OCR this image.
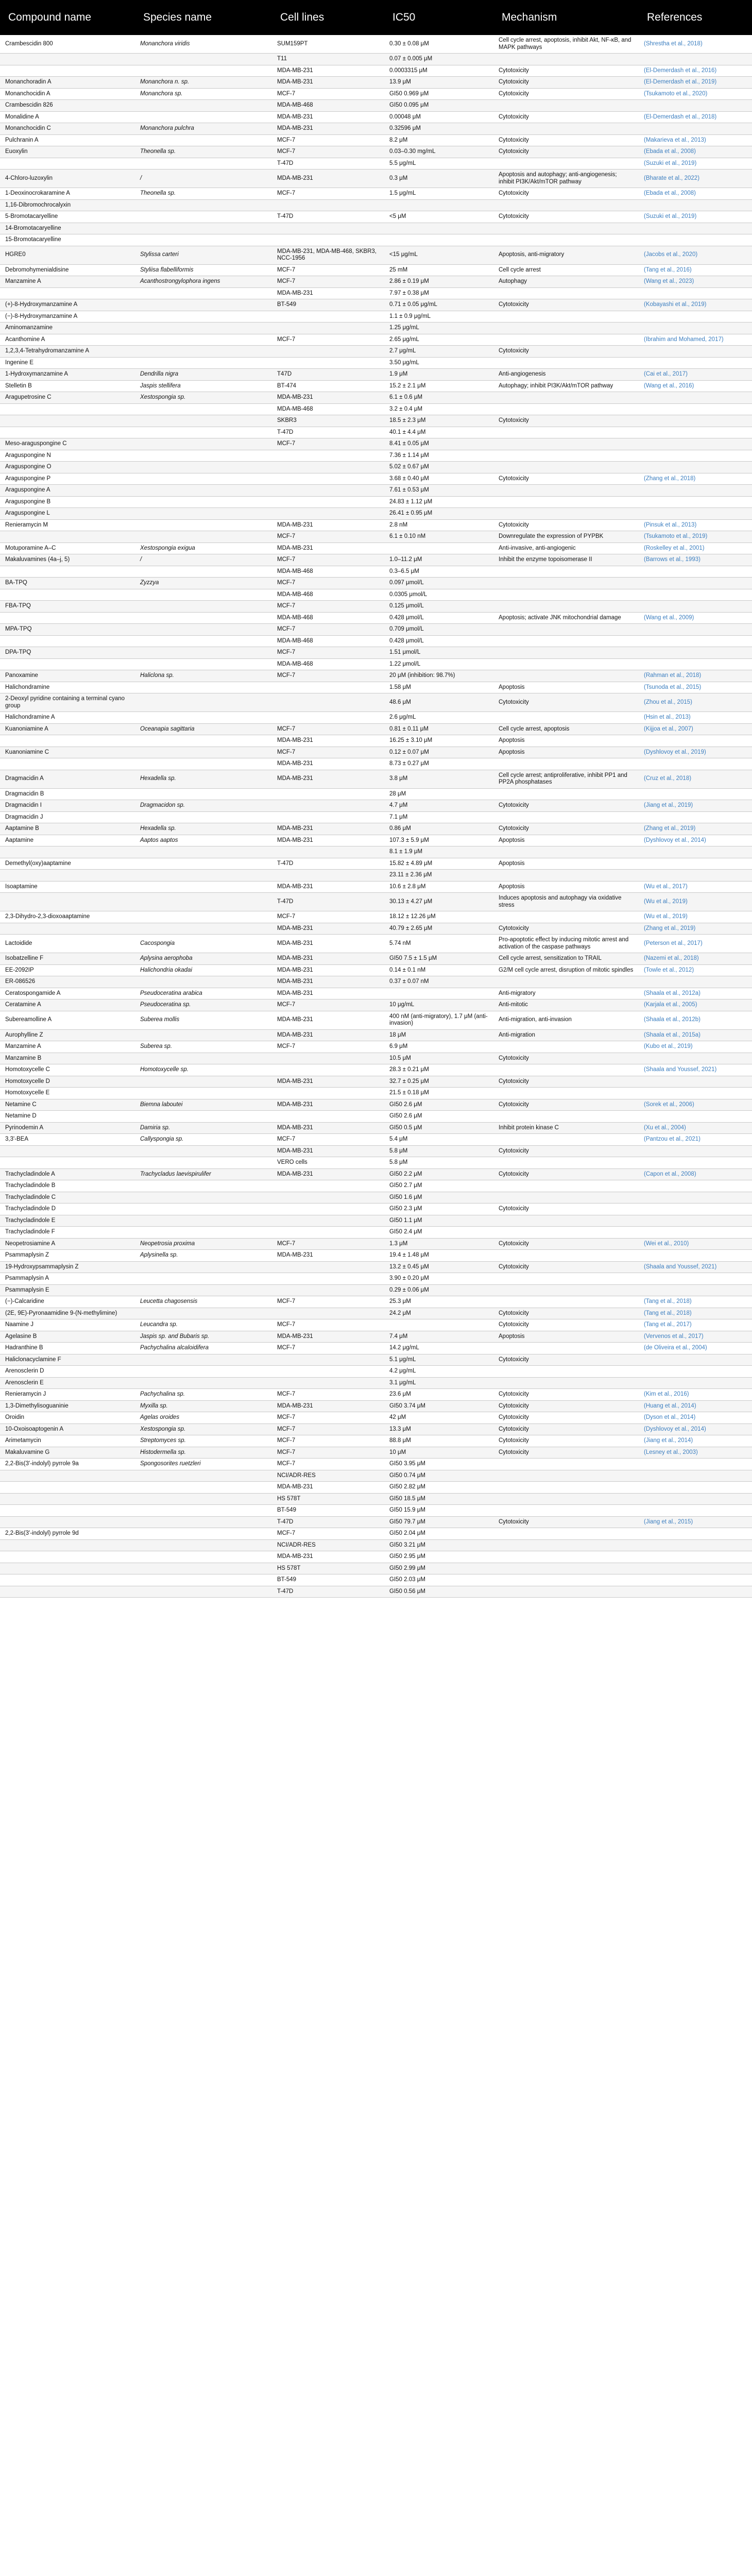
Compound name	Species name	Cell lines	IC50	Mechanism	References
Crambescidin 800	Monanchora viridis	SUM159PT	0.30 ± 0.08 μM	Cell cycle arrest, apoptosis, inhibit Akt, NF-κB, and MAPK pathways	(Shrestha et al., 2018)
		T11	0.07 ± 0.005 μM		
		MDA-MB-231	0.0003315 μM	Cytotoxicity	(El-Demerdash et al., 2016)
Monanchoradin A	Monanchora n. sp.	MDA-MB-231	13.9 μM	Cytotoxicity	(El-Demerdash et al., 2019)
Monanchocidin A	Monanchora sp.	MCF-7	GI50 0.969 μM	Cytotoxicity	(Tsukamoto et al., 2020)
Crambescidin 826		MDA-MB-468	GI50 0.095 μM		
Monalidine A		MDA-MB-231	0.00048 μM	Cytotoxicity	(El-Demerdash et al., 2018)
Monanchocidin C	Monanchora pulchra	MDA-MB-231	0.32596 μM		
Pulchranin A		MCF-7	8.2 μM	Cytotoxicity	(Makarieva et al., 2013)
Euoxylin	Theonella sp.	MCF-7	0.03–0.30 mg/mL	Cytotoxicity	(Ebada et al., 2008)
		T-47D	5.5 μg/mL		(Suzuki et al., 2019)
4-Chloro-luzoxylin	/	MDA-MB-231	0.3 μM	Apoptosis and autophagy; anti-angiogenesis; inhibit PI3K/Akt/mTOR pathway	(Bharate et al., 2022)
1-Deoxinocrokaramine A	Theonella sp.	MCF-7	1.5 μg/mL	Cytotoxicity	(Ebada et al., 2008)
1,16-Dibromochrocalyxin					
5-Bromotacaryelline		T-47D	<5 μM	Cytotoxicity	(Suzuki et al., 2019)
14-Bromotacaryelline					
15-Bromotacaryelline					
HGRE0	Stylissa carteri	MDA-MB-231, MDA-MB-468, SKBR3, NCC-1956	<15 μg/mL	Apoptosis, anti-migratory	(Jacobs et al., 2020)
Debromohymenialdisine	Styliisa flabelliformis	MCF-7	25 mM	Cell cycle arrest	(Tang et al., 2016)
Manzamine A	Acanthostrongylophora ingens	MCF-7	2.86 ± 0.19 μM	Autophagy	(Wang et al., 2023)
		MDA-MB-231	7.97 ± 0.38 μM		
(+)-8-Hydroxymanzamine A		BT-549	0.71 ± 0.05 μg/mL	Cytotoxicity	(Kobayashi et al., 2019)
(−)-8-Hydroxymanzamine A			1.1 ± 0.9 μg/mL		
Aminomanzamine			1.25 μg/mL		
Acanthomine A		MCF-7	2.65 μg/mL		(Ibrahim and Mohamed, 2017)
1,2,3,4-Tetrahydromanzamine A			2.7 μg/mL	Cytotoxicity	
Ingenine E			3.50 μg/mL		
1-Hydroxymanzamine A	Dendrilla nigra	T47D	1.9 μM	Anti-angiogenesis	(Cai et al., 2017)
Stelletin B	Jaspis stellifera	BT-474	15.2 ± 2.1 μM	Autophagy; inhibit PI3K/Akt/mTOR pathway	(Wang et al., 2016)
Aragupetrosine C	Xestospongia sp.	MDA-MB-231	6.1 ± 0.6 μM		
		MDA-MB-468	3.2 ± 0.4 μM		
		SKBR3	18.5 ± 2.3 μM	Cytotoxicity	
		T-47D	40.1 ± 4.4 μM		
Meso-araguspongine C		MCF-7	8.41 ± 0.05 μM		
Araguspongine N			7.36 ± 1.14 μM		
Araguspongine O			5.02 ± 0.67 μM		
Araguspongine P			3.68 ± 0.40 μM	Cytotoxicity	(Zhang et al., 2018)
Araguspongine A			7.61 ± 0.53 μM		
Araguspongine B			24.83 ± 1.12 μM		
Araguspongine L			26.41 ± 0.95 μM		
Renieramycin M		MDA-MB-231	2.8 nM	Cytotoxicity	(Pinsuk et al., 2013)
		MCF-7	6.1 ± 0.10 nM	Downregulate the expression of PYPBK	(Tsukamoto et al., 2019)
Motuporamine A–C	Xestospongia exigua	MDA-MB-231		Anti-invasive, anti-angiogenic	(Roskelley et al., 2001)
Makaluvamines (4a–j, 5)	/	MCF-7	1.0–11.2 μM	Inhibit the enzyme topoisomerase II	(Barrows et al., 1993)
		MDA-MB-468	0.3–6.5 μM		
BA-TPQ	Zyzzya	MCF-7	0.097 μmol/L		
		MDA-MB-468	0.0305 μmol/L		
FBA-TPQ		MCF-7	0.125 μmol/L		
		MDA-MB-468	0.428 μmol/L	Apoptosis; activate JNK mitochondrial damage	(Wang et al., 2009)
MPA-TPQ		MCF-7	0.709 μmol/L		
		MDA-MB-468	0.428 μmol/L		
DPA-TPQ		MCF-7	1.51 μmol/L		
		MDA-MB-468	1.22 μmol/L		
Panoxamine	Haliclona sp.	MCF-7	20 μM (inhibition: 98.7%)		(Rahman et al., 2018)
Halichondramine			1.58 μM	Apoptosis	(Tsunoda et al., 2015)
2-Deoxyl pyridine containing a terminal cyano group			48.6 μM	Cytotoxicity	(Zhou et al., 2015)
Halichondramine A			2.6 μg/mL		(Hsin et al., 2013)
Kuanoniamine A	Oceanapia sagittaria	MCF-7	0.81 ± 0.11 μM	Cell cycle arrest, apoptosis	(Kijjoa et al., 2007)
		MDA-MB-231	16.25 ± 3.10 μM	Apoptosis	
Kuanoniamine C		MCF-7	0.12 ± 0.07 μM	Apoptosis	(Dyshlovoy et al., 2019)
		MDA-MB-231	8.73 ± 0.27 μM		
Dragmacidin A	Hexadella sp.	MDA-MB-231	3.8 μM	Cell cycle arrest; antiproliferative, inhibit PP1 and PP2A phosphatases	(Cruz et al., 2018)
Dragmacidin B			28 μM		
Dragmacidin I	Dragmacidon sp.		4.7 μM	Cytotoxicity	(Jiang et al., 2019)
Dragmacidin J			7.1 μM		
Aaptamine B	Hexadella sp.	MDA-MB-231	0.86 μM	Cytotoxicity	(Zhang et al., 2019)
Aaptamine	Aaptos aaptos	MDA-MB-231	107.3 ± 5.9 μM	Apoptosis	(Dyshlovoy et al., 2014)
			8.1 ± 1.9 μM		
Demethyl(oxy)aaptamine		T-47D	15.82 ± 4.89 μM	Apoptosis	
			23.11 ± 2.36 μM		
Isoaptamine		MDA-MB-231	10.6 ± 2.8 μM	Apoptosis	(Wu et al., 2017)
		T-47D	30.13 ± 4.27 μM	Induces apoptosis and autophagy via oxidative stress	(Wu et al., 2019)
2,3-Dihydro-2,3-dioxoaaptamine		MCF-7	18.12 ± 12.26 μM		(Wu et al., 2019)
		MDA-MB-231	40.79 ± 2.65 μM	Cytotoxicity	(Zhang et al., 2019)
Lactoidide	Cacospongia	MDA-MB-231	5.74 nM	Pro-apoptotic effect by inducing mitotic arrest and activation of the caspase pathways	(Peterson et al., 2017)
Isobatzelline F	Aplysina aerophoba	MDA-MB-231	GI50 7.5 ± 1.5 μM	Cell cycle arrest, sensitization to TRAIL	(Nazemi et al., 2018)
EE-2092IP	Halichondria okadai	MDA-MB-231	0.14 ± 0.1 nM	G2/M cell cycle arrest, disruption of mitotic spindles	(Towle et al., 2012)
ER-086526		MDA-MB-231	0.37 ± 0.07 nM		
Ceratospongamide A	Pseudoceratina arabica	MDA-MB-231		Anti-migratory	(Shaala et al., 2012a)
Ceratamine A	Pseudoceratina sp.	MCF-7	10 μg/mL	Anti-mitotic	(Karjala et al., 2005)
Subereamolline A	Suberea mollis	MDA-MB-231	400 nM (anti-migratory), 1.7 μM (anti-invasion)	Anti-migration, anti-invasion	(Shaala et al., 2012b)
Aurophylline Z		MDA-MB-231	18 μM	Anti-migration	(Shaala et al., 2015a)
Manzamine A	Suberea sp.	MCF-7	6.9 μM		(Kubo et al., 2019)
Manzamine B			10.5 μM	Cytotoxicity	
Homotoxycelle C	Homotoxycelle sp.		28.3 ± 0.21 μM		(Shaala and Youssef, 2021)
Homotoxycelle D		MDA-MB-231	32.7 ± 0.25 μM	Cytotoxicity	
Homotoxycelle E			21.5 ± 0.18 μM		
Netamine C	Biemna laboutei	MDA-MB-231	GI50 2.6 μM	Cytotoxicity	(Sorek et al., 2006)
Netamine D			GI50 2.6 μM		
Pyrinodemin A	Damiria sp.	MDA-MB-231	GI50 0.5 μM	Inhibit protein kinase C	(Xu et al., 2004)
3,3'-BEA	Callyspongia sp.	MCF-7	5.4 μM		(Pantzou et al., 2021)
		MDA-MB-231	5.8 μM	Cytotoxicity	
		VERO cells	5.8 μM		
Trachycladindole A	Trachycladus laevispirulifer	MDA-MB-231	GI50 2.2 μM	Cytotoxicity	(Capon et al., 2008)
Trachycladindole B			GI50 2.7 μM		
Trachycladindole C			GI50 1.6 μM		
Trachycladindole D			GI50 2.3 μM	Cytotoxicity	
Trachycladindole E			GI50 1.1 μM		
Trachycladindole F			GI50 2.4 μM		
Neopetrosiamine A	Neopetrosia proxima	MCF-7	1.3 μM	Cytotoxicity	(Wei et al., 2010)
Psammaplysin Z	Aplysinella sp.	MDA-MB-231	19.4 ± 1.48 μM		
19-Hydroxypsammaplysin Z			13.2 ± 0.45 μM	Cytotoxicity	(Shaala and Youssef, 2021)
Psammaplysin A			3.90 ± 0.20 μM		
Psammaplysin E			0.29 ± 0.06 μM		
(−)-Calcaridine	Leucetta chagosensis	MCF-7	25.3 μM		(Tang et al., 2018)
(2E, 9E)-Pyronaamidine 9-(N-methylimine)			24.2 μM	Cytotoxicity	(Tang et al., 2018)
Naamine J	Leucandra sp.	MCF-7		Cytotoxicity	(Tang et al., 2017)
Agelasine B	Jaspis sp. and Bubaris sp.	MDA-MB-231	7.4 μM	Apoptosis	(Vervenos et al., 2017)
Hadranthine B	Pachychalina alcaloidifera	MCF-7	14.2 μg/mL		(de Oliveira et al., 2004)
Haliclonacyclamine F			5.1 μg/mL	Cytotoxicity	
Arenosclerin D			4.2 μg/mL		
Arenosclerin E			3.1 μg/mL		
Renieramycin J	Pachychalina sp.	MCF-7	23.6 μM	Cytotoxicity	(Kim et al., 2016)
1,3-Dimethylisoguaninie	Myxilla sp.	MDA-MB-231	GI50 3.74 μM	Cytotoxicity	(Huang et al., 2014)
Oroidin	Agelas oroides	MCF-7	42 μM	Cytotoxicity	(Dyson et al., 2014)
10-Oxoisoaptogenin A	Xestospongia sp.	MCF-7	13.3 μM	Cytotoxicity	(Dyshlovoy et al., 2014)
Arimetamycin	Streptomyces sp.	MCF-7	88.8 μM	Cytotoxicity	(Jiang et al., 2014)
Makaluvamine G	Histodermella sp.	MCF-7	10 μM	Cytotoxicity	(Lesney et al., 2003)
2,2-Bis(3'-indolyl) pyrrole 9a	Spongosorites ruetzleri	MCF-7	GI50 3.95 μM		
		NCI/ADR-RES	GI50 0.74 μM		
		MDA-MB-231	GI50 2.82 μM		
		HS 578T	GI50 18.5 μM		
		BT-549	GI50 15.9 μM		
		T-47D	GI50 79.7 μM	Cytotoxicity	(Jiang et al., 2015)
2,2-Bis(3'-indolyl) pyrrole 9d		MCF-7	GI50 2.04 μM		
		NCI/ADR-RES	GI50 3.21 μM		
		MDA-MB-231	GI50 2.95 μM		
		HS 578T	GI50 2.99 μM		
		BT-549	GI50 2.03 μM		
		T-47D	GI50 0.56 μM		
